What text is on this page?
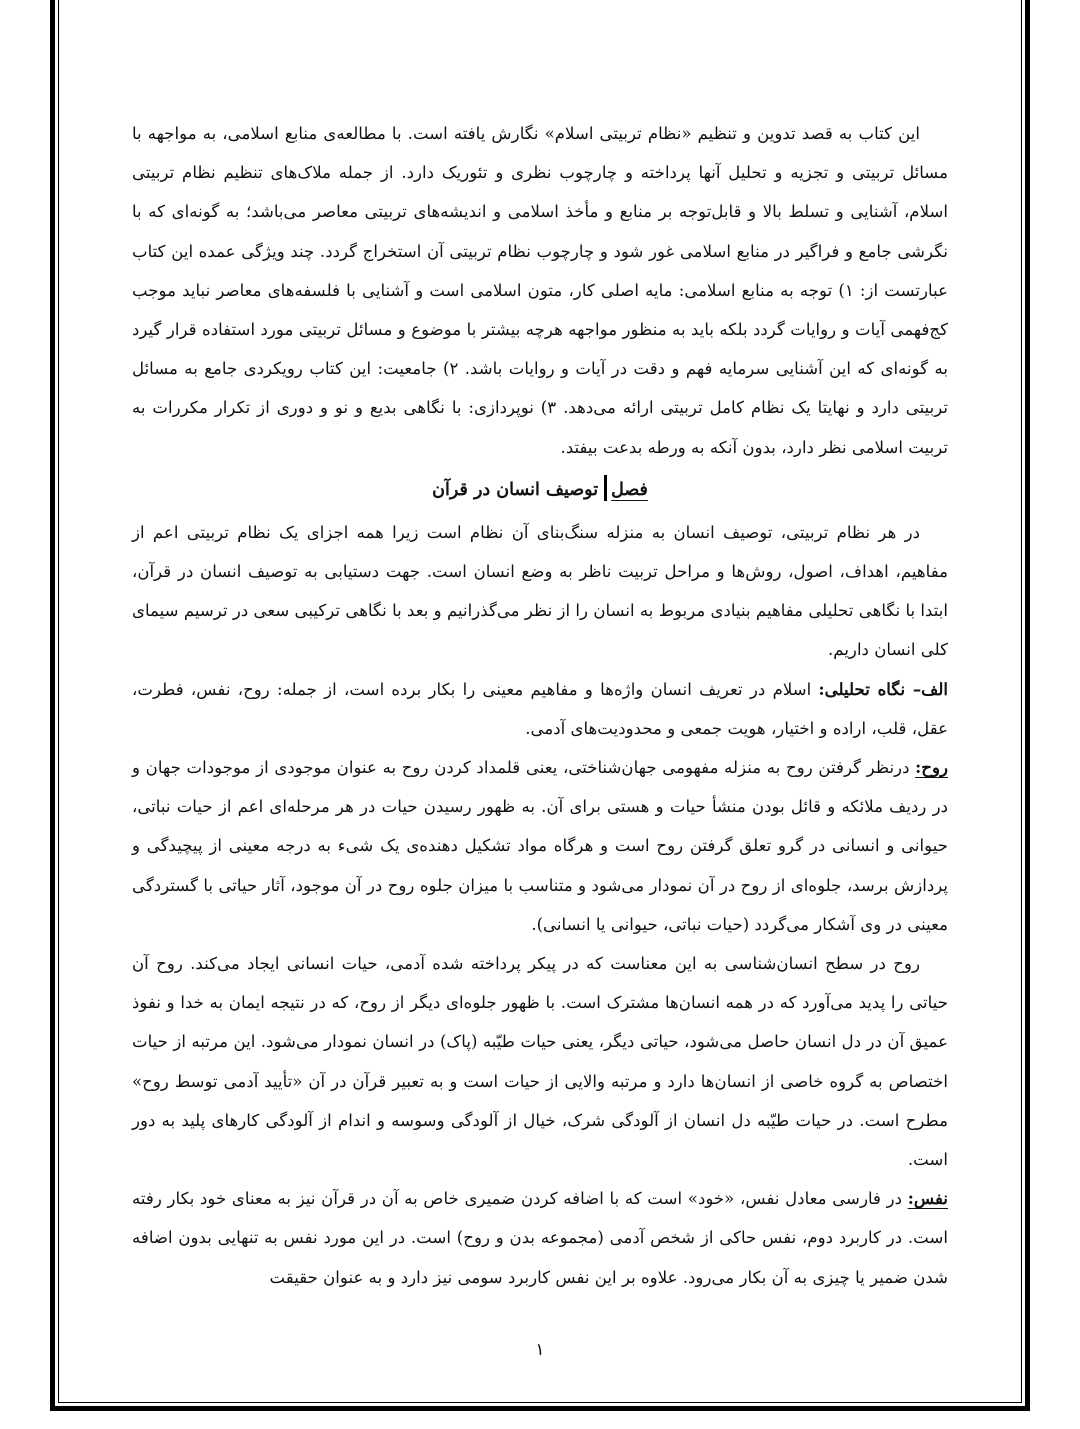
این کتاب به قصد تدوین و تنظیم «نظام تربیتی اسلام» نگارش یافته است. با مطالعه‌ی منابع اسلامی، به مواجهه با مسائل تربیتی و تجزیه و تحلیل آنها پرداخته و چارچوب نظری و تئوریک دارد. از جمله ملاک‌های تنظیم نظام تربیتی اسلام، آشنایی و تسلط بالا و قابل‌توجه بر منابع و مأخذ اسلامی و اندیشه‌های تربیتی معاصر می‌باشد؛ به گونه‌ای که با نگرشی جامع و فراگیر در منابع اسلامی غور شود و چارچوب نظام تربیتی آن استخراج گردد. چند ویژگی عمده این کتاب عبارتست از: ۱) توجه به منابع اسلامی: مایه اصلی کار، متون اسلامی است و آشنایی با فلسفه‌های معاصر نباید موجب کج‌فهمی آیات و روایات گردد بلکه باید به منظور مواجهه هرچه بیشتر با موضوع و مسائل تربیتی مورد استفاده قرار گیرد به گونه‌ای که این آشنایی سرمایه فهم و دقت در آیات و روایات باشد. ۲) جامعیت: این کتاب رویکردی جامع به مسائل تربیتی دارد و نهایتا یک نظام کامل تربیتی ارائه می‌دهد. ۳) نوپردازی: با نگاهی بدیع و نو و دوری از تکرار مکررات به تربیت اسلامی نظر دارد، بدون آنکه به ورطه بدعت بیفتد.

فصلتوصیف انسان در قرآن

در هر نظام تربیتی، توصیف انسان به منزله سنگ‌بنای آن نظام است زیرا همه اجزای یک نظام تربیتی اعم از مفاهیم، اهداف، اصول، روش‌ها و مراحل تربیت ناظر به وضع انسان است. جهت دستیابی به توصیف انسان در قرآن، ابتدا با نگاهی تحلیلی مفاهیم بنیادی مربوط به انسان را از نظر می‌گذرانیم و بعد با نگاهی ترکیبی سعی در ترسیم سیمای کلی انسان داریم.

الف– نگاه تحلیلی: اسلام در تعریف انسان واژه‌ها و مفاهیم معینی را بکار برده است، از جمله: روح، نفس، فطرت، عقل، قلب، اراده و اختیار، هویت جمعی و محدودیت‌های آدمی.

روح: درنظر گرفتن روح به منزله مفهومی جهان‌شناختی، یعنی قلمداد کردن روح به عنوان موجودی از موجودات جهان و در ردیف ملائکه و قائل بودن منشأ حیات و هستی برای آن. به ظهور رسیدن حیات در هر مرحله‌ای اعم از حیات نباتی، حیوانی و انسانی در گرو تعلق گرفتن روح است و هرگاه مواد تشکیل دهنده‌ی یک شیء به درجه معینی از پیچیدگی و پردازش برسد، جلوه‌ای از روح در آن نمودار می‌شود و متناسب با میزان جلوه روح در آن موجود، آثار حیاتی با گستردگی معینی در وی آشکار می‌گردد (حیات نباتی، حیوانی یا انسانی).

روح در سطح انسان‌شناسی به این معناست که در پیکر پرداخته شده آدمی، حیات انسانی ایجاد می‌کند. روح آن حیاتی را پدید می‌آورد که در همه انسان‌ها مشترک است. با ظهور جلوه‌ای دیگر از روح، که در نتیجه ایمان به خدا و نفوذ عمیق آن در دل انسان حاصل می‌شود، حیاتی دیگر، یعنی حیات طیّبه (پاک) در انسان نمودار می‌شود. این مرتبه از حیات اختصاص به گروه خاصی از انسان‌ها دارد و مرتبه والایی از حیات است و به تعبیر قرآن در آن «تأیید آدمی توسط روح» مطرح است. در حیات طیّبه دل انسان از آلودگی شرک، خیال از آلودگی وسوسه و اندام از آلودگی کارهای پلید به دور است.

نفس: در فارسی معادل نفس، «خود» است که با اضافه کردن ضمیری خاص به آن در قرآن نیز به معنای خود بکار رفته است. در کاربرد دوم، نفس حاکی از شخص آدمی (مجموعه بدن و روح) است. در این مورد نفس به تنهایی بدون اضافه شدن ضمیر یا چیزی به آن بکار می‌رود. علاوه بر این نفس کاربرد سومی نیز دارد و به عنوان حقیقت

۱
